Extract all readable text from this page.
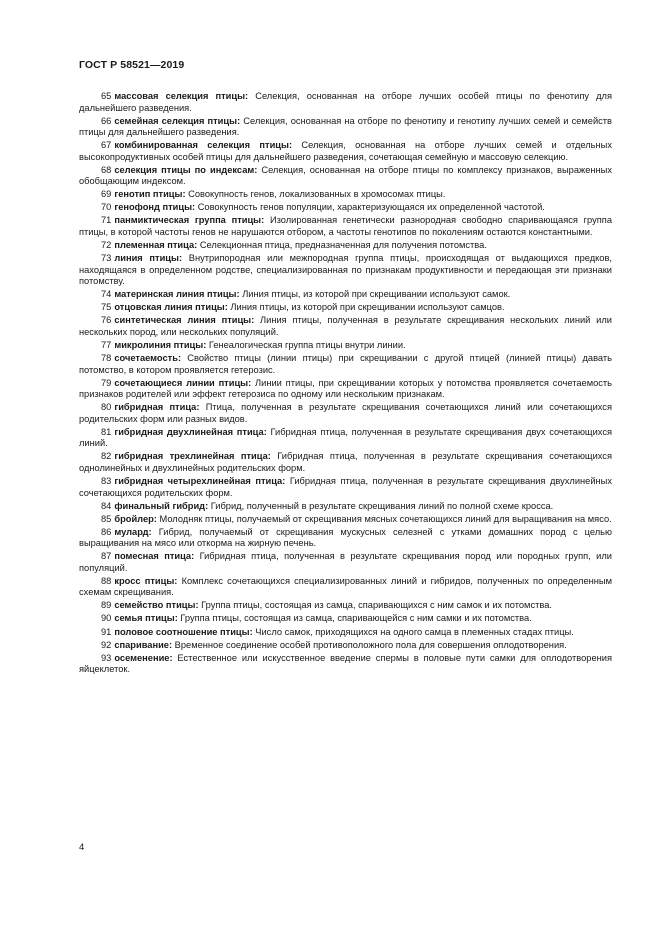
ГОСТ Р 58521—2019

65 массовая селекция птицы: Селекция, основанная на отборе лучших особей птицы по фенотипу для дальнейшего разведения.

66 семейная селекция птицы: Селекция, основанная на отборе по фенотипу и генотипу лучших семей и семейств птицы для дальнейшего разведения.

67 комбинированная селекция птицы: Селекция, основанная на отборе лучших семей и отдельных высокопродуктивных особей птицы для дальнейшего разведения, сочетающая семейную и массовую селекцию.

68 селекция птицы по индексам: Селекция, основанная на отборе птицы по комплексу признаков, выраженных обобщающим индексом.

69 генотип птицы: Совокупность генов, локализованных в хромосомах птицы.

70 генофонд птицы: Совокупность генов популяции, характеризующаяся их определенной частотой.

71 панмиктическая группа птицы: Изолированная генетически разнородная свободно спаривающаяся группа птицы, в которой частоты генов не нарушаются отбором, а частоты генотипов по поколениям остаются константными.

72 племенная птица: Селекционная птица, предназначенная для получения потомства.

73 линия птицы: Внутрипородная или межпородная группа птицы, происходящая от выдающихся предков, находящаяся в определенном родстве, специализированная по признакам продуктивности и передающая эти признаки потомству.

74 материнская линия птицы: Линия птицы, из которой при скрещивании используют самок.

75 отцовская линия птицы: Линия птицы, из которой при скрещивании используют самцов.

76 синтетическая линия птицы: Линия птицы, полученная в результате скрещивания нескольких линий или нескольких пород, или нескольких популяций.

77 микролиния птицы: Генеалогическая группа птицы внутри линии.

78 сочетаемость: Свойство птицы (линии птицы) при скрещивании с другой птицей (линией птицы) давать потомство, в котором проявляется гетерозис.

79 сочетающиеся линии птицы: Линии птицы, при скрещивании которых у потомства проявляется сочетаемость признаков родителей или эффект гетерозиса по одному или нескольким признакам.

80 гибридная птица: Птица, полученная в результате скрещивания сочетающихся линий или сочетающихся родительских форм или разных видов.

81 гибридная двухлинейная птица: Гибридная птица, полученная в результате скрещивания двух сочетающихся линий.

82 гибридная трехлинейная птица: Гибридная птица, полученная в результате скрещивания сочетающихся однолинейных и двухлинейных родительских форм.

83 гибридная четырехлинейная птица: Гибридная птица, полученная в результате скрещивания двухлинейных сочетающихся родительских форм.

84 финальный гибрид: Гибрид, полученный в результате скрещивания линий по полной схеме кросса.

85 бройлер: Молодняк птицы, получаемый от скрещивания мясных сочетающихся линий для выращивания на мясо.

86 мулард: Гибрид, получаемый от скрещивания мускусных селезней с утками домашних пород с целью выращивания на мясо или откорма на жирную печень.

87 помесная птица: Гибридная птица, полученная в результате скрещивания пород или породных групп, или популяций.

88 кросс птицы: Комплекс сочетающихся специализированных линий и гибридов, полученных по определенным схемам скрещивания.

89 семейство птицы: Группа птицы, состоящая из самца, спаривающихся с ним самок и их потомства.

90 семья птицы: Группа птицы, состоящая из самца, спаривающейся с ним самки и их потомства.

91 половое соотношение птицы: Число самок, приходящихся на одного самца в племенных стадах птицы.

92 спаривание: Временное соединение особей противоположного пола для совершения оплодотворения.

93 осеменение: Естественное или искусственное введение спермы в половые пути самки для оплодотворения яйцеклеток.

4
